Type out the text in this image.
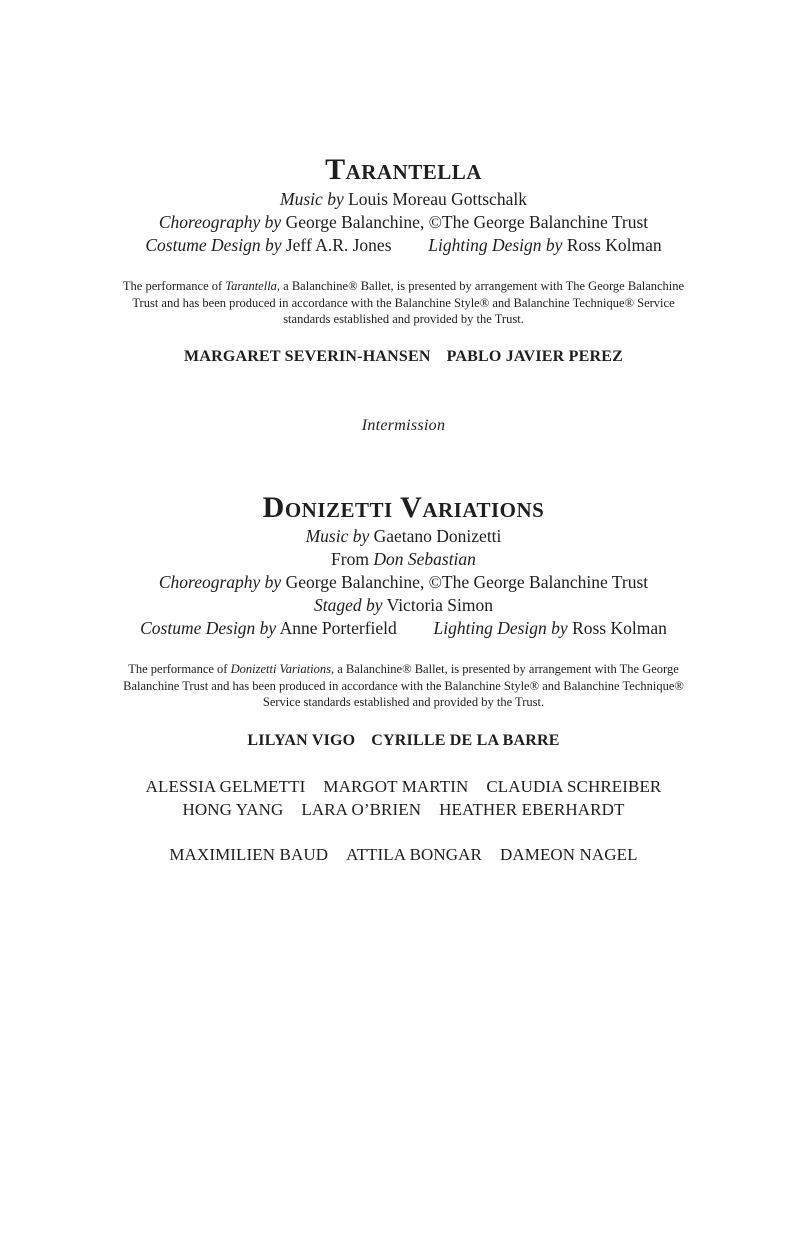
Tarantella
Music by Louis Moreau Gottschalk
Choreography by George Balanchine, ©The George Balanchine Trust
Costume Design by Jeff A.R. Jones Lighting Design by Ross Kolman
The performance of Tarantella, a Balanchine® Ballet, is presented by arrangement with The George Balanchine
Trust and has been produced in accordance with the Balanchine Style® and Balanchine Technique® Service
standards established and provided by the Trust.
MARGARET SEVERIN-HANSEN PABLO JAVIER PEREZ
Intermission
Donizetti Variations
Music by Gaetano Donizetti
From Don Sebastian
Choreography by George Balanchine, ©The George Balanchine Trust
Staged by Victoria Simon
Costume Design by Anne Porterfield Lighting Design by Ross Kolman
The performance of Donizetti Variations, a Balanchine® Ballet, is presented by arrangement with The George
Balanchine Trust and has been produced in accordance with the Balanchine Style® and Balanchine Technique®
Service standards established and provided by the Trust.
LILYAN VIGO CYRILLE DE LA BARRE
ALESSIA GELMETTI MARGOT MARTIN CLAUDIA SCHREIBER
HONG YANG LARA O’BRIEN HEATHER EBERHARDT
MAXIMILIEN BAUD ATTILA BONGAR DAMEON NAGEL
